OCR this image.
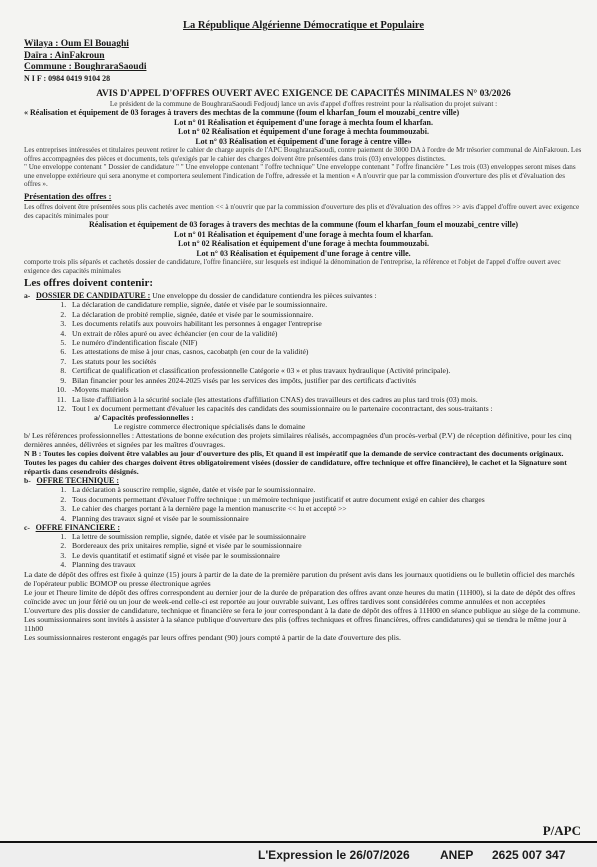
La République Algérienne Démocratique et Populaire
Wilaya : Oum El Bouaghi
Daïra : AinFakroun
Commune : BoughraraSaoudi
N I F : 0984 0419 9104 28
AVIS D'APPEL D'OFFRES OUVERT AVEC EXIGENCE DE CAPACITÉS MINIMALES N° 03/2026
Le président de la commune de BoughraraSaoudi Fedjoudj lance un avis d'appel d'offres restreint pour la réalisation du projet suivant :
« Réalisation et équipement de 03 forages à travers des mechtas de la commune (foum el kharfan_foum el mouzabi_centre ville)
Lot n° 01 Réalisation et équipement d'une forage à mechta foum el kharfan.
Lot n° 02 Réalisation et équipement d'une forage à mechta foummouzabi.
Lot n° 03 Réalisation et équipement d'une forage à centre ville»
Les entreprises intéressées et titulaires peuvent retirer le cahier de charge auprès de l'APC BoughraraSaoudi, contre paiement de 3000 DA à l'ordre de Mr trésorier communal de AinFakroun. Les offres accompagnées des pièces et documents, tels qu'exigés par le cahier des charges doivent être présentées dans trois (03) enveloppes distinctes.
" Une enveloppe contenant " Dossier de candidature " " Une enveloppe contenant " l'offre technique" Une enveloppe contenant " l'offre financière " Les trois (03) enveloppes seront mises dans une enveloppe extérieure qui sera anonyme et comportera seulement l'indication de l'offre, adressée et la mention « A n'ouvrir que par la commission d'ouverture des plis et d'évaluation des offres ».
Présentation des offres :
Les offres doivent être présentées sous plis cachetés avec mention << à n'ouvrir que par la commission d'ouverture des plis et d'évaluation des offres >> avis d'appel d'offre ouvert avec exigence des capacités minimales pour
Réalisation et équipement de 03 forages à travers des mechtas de la commune (foum el kharfan_foum el mouzabi_centre ville)
Lot n° 01 Réalisation et équipement d'une forage à mechta foum el kharfan.
Lot n° 02 Réalisation et équipement d'une forage à mechta foummouzabi.
Lot n° 03 Réalisation et équipement d'une forage à centre ville.
comporte trois plis séparés et cachetés dossier de candidature, l'offre financière, sur lesquels est indiqué la dénomination de l'entreprise, la référence et l'objet de l'appel d'offre ouvert avec exigence des capacités minimales
Les offres doivent contenir:
a- DOSSIER DE CANDIDATURE : Une enveloppe du dossier de candidature contiendra les pièces suivantes :
1. La déclaration de candidature remplie, signée, datée et visée par le soumissionnaire.
2. La déclaration de probité remplie, signée, datée et visée par le soumissionnaire.
3. Les documents relatifs aux pouvoirs habilitant les personnes à engager l'entreprise
4. Un extrait de rôles apuré ou avec échéancier (en cour de la validité)
5. Le numéro d'indentification fiscale (NIF)
6. Les attestations de mise à jour cnas, casnos, cacobatph (en cour de la validité)
7. Les statuts pour les sociétés
8. Certificat de qualification et classification professionnelle Catégorie « 03 » et plus travaux hydraulique (Activité principale).
9. Bilan financier pour les années 2024-2025 visés par les services des impôts, justifier par des certificats d'activités
10. -Moyens matériels
11. La liste d'affiliation à la sécurité sociale (les attestations d'affiliation CNAS) des travailleurs et des cadres au plus tard trois (03) mois.
12. Tout l ex document permettant d'évaluer les capacités des candidats des soumissionnaire ou le partenaire cocontractant, des sous-traitants :
a/ Capacités professionnelles :
Le registre commerce électronique spécialisés dans le domaine
b/ Les références professionnelles : Attestations de bonne exécution des projets similaires réalisés, accompagnées d'un procès-verbal (P.V) de réception définitive, pour les cinq dernières années, délivrées et signées par les maîtres d'ouvrages.
N B : Toutes les copies doivent être valables au jour d'ouverture des plis, Et quand il est impératif que la demande de service contractant des documents originaux.
Toutes les pages du cahier des charges doivent êtres obligatoirement visées (dossier de candidature, offre technique et offre financière), le cachet et la Signature sont répartis dans cesendroits désignés.
b- OFFRE TECHNIQUE :
1. La déclaration à souscrire remplie, signée, datée et visée par le soumissionnaire.
2. Tous documents permettant d'évaluer l'offre technique : un mémoire technique justificatif et autre document exigé en cahier des charges
3. Le cahier des charges portant à la dernière page la mention manuscrite << lu et accepté >>
4. Planning des travaux signé et visée par le soumissionnaire
c- OFFRE FINANCIERE :
1. La lettre de soumission remplie, signée, datée et visée par le soumissionnaire
2. Bordereaux des prix unitaires remplie, signé et visée par le soumissionnaire
3. Le devis quantitatif et estimatif signé et visée par le soumissionnaire
4. Planning des travaux
La date de dépôt des offres est fixée à quinze (15) jours à partir de la date de la première parution du présent avis dans les journaux quotidiens ou le bulletin officiel des marchés de l'opérateur public BOMOP ou presse électronique agrées
Le jour et l'heure limite de dépôt des offres correspondent au dernier jour de la durée de préparation des offres avant onze heures du matin (11H00), si la date de dépôt des offres coïncide avec un jour férié ou un jour de week-end celle-ci est reportée au jour ouvrable suivant, Les offres tardives sont considérées comme annulées et non acceptées
L'ouverture des plis dossier de candidature, technique et financière se fera le jour correspondant à la date de dépôt des offres à 11H00 en séance publique au siège de la commune.
Les soumissionnaires sont invités à assister à la séance publique d'ouverture des plis (offres techniques et offres financières, offres candidatures) qui se tiendra le même jour à 11h00
Les soumissionnaires resteront engagés par leurs offres pendant (90) jours compté à partir de la date d'ouverture des plis.
P/APC
L'Expression le 26/07/2026	ANEP 2625 007 347
